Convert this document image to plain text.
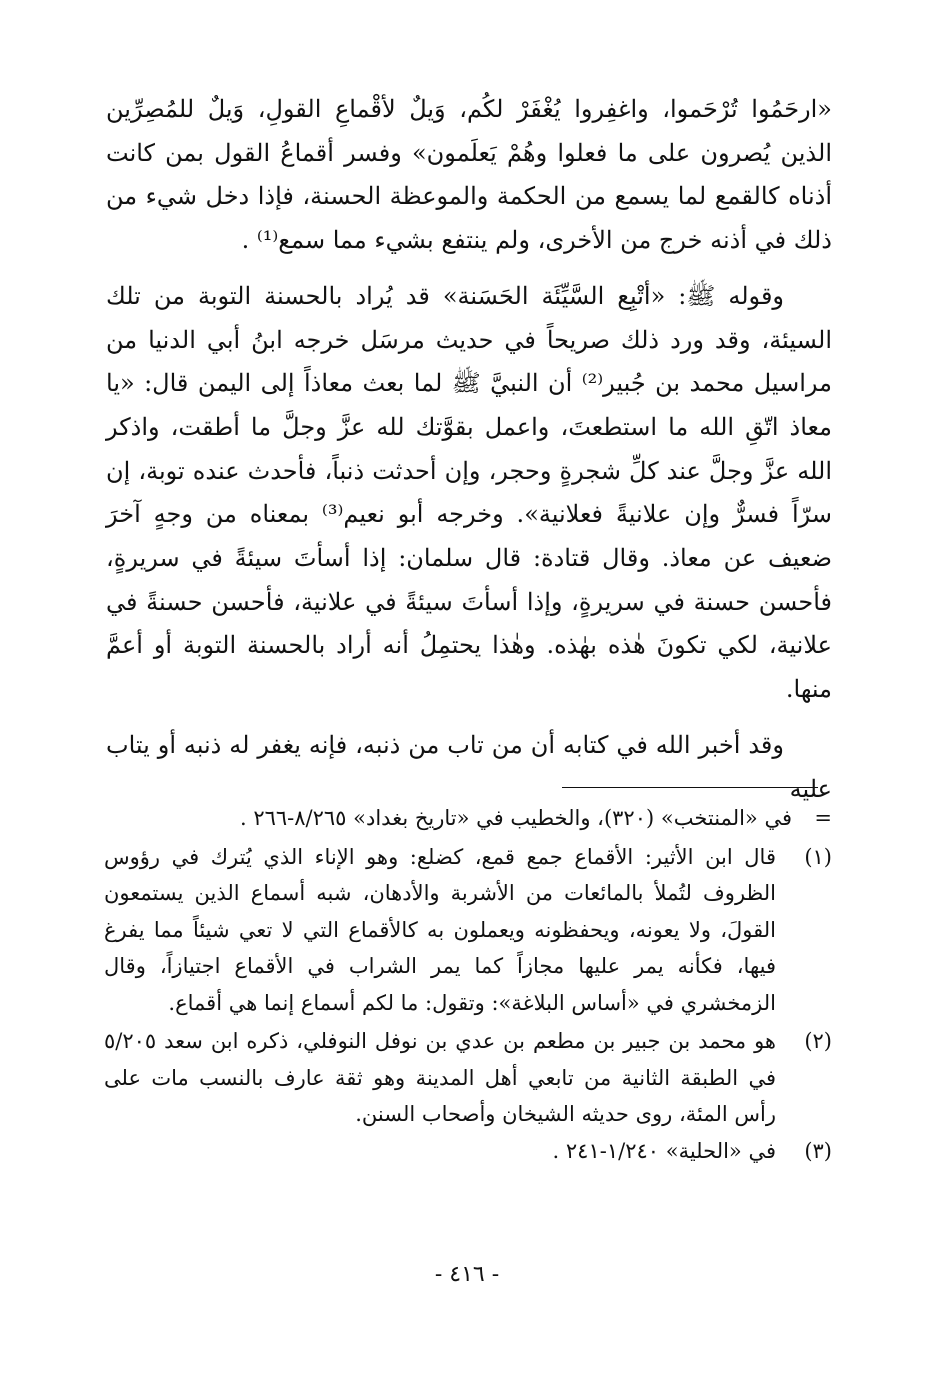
«ارحَمُوا تُرْحَموا، واغفِروا يُغْفَرْ لكُم، وَيلٌ لأقْماعِ القولِ، وَيلٌ للمُصِرِّين الذين يُصرون على ما فعلوا وهُمْ يَعلَمون» وفسر أقماعُ القول بمن كانت أذناه كالقمع لما يسمع من الحكمة والموعظة الحسنة، فإذا دخل شيء من ذلك في أذنه خرج من الأخرى، ولم ينتفع بشيء مما سمع⁽¹⁾ .

وقوله ﷺ: «أتْبِع السَّيِّئَة الحَسَنة» قد يُراد بالحسنة التوبة من تلك السيئة، وقد ورد ذلك صريحاً في حديث مرسَل خرجه ابنُ أبي الدنيا من مراسيل محمد بن جُبير⁽²⁾ أن النبيَّ ﷺ لما بعث معاذاً إلى اليمن قال: «يا معاذ اتّقِ الله ما استطعتَ، واعمل بقوَّتك لله عزَّ وجلَّ ما أطقت، واذكر الله عزَّ وجلَّ عند كلِّ شجرةٍ وحجر، وإن أحدثت ذنباً، فأحدث عنده توبة، إن سرّاً فسرٌّ وإن علانيةً فعلانية». وخرجه أبو نعيم⁽³⁾ بمعناه من وجهٍ آخرَ ضعيف عن معاذ. وقال قتادة: قال سلمان: إذا أسأتَ سيئةً في سريرةٍ، فأحسن حسنة في سريرةٍ، وإذا أسأتَ سيئةً في علانية، فأحسن حسنةً في علانية، لكي تكونَ هٰذه بهٰذه. وهٰذا يحتمِلُ أنه أراد بالحسنة التوبة أو أعمَّ منها.

وقد أخبر الله في كتابه أن من تاب من ذنبه، فإنه يغفر له ذنبه أو يتاب عليه

=
في «المنتخب» (٣٢٠)، والخطيب في «تاريخ بغداد» ٨/٢٦٥-٢٦٦ .
(١)
قال ابن الأثير: الأقماع جمع قمع، كضلع: وهو الإناء الذي يُترك في رؤوس الظروف لتُملأ بالمائعات من الأشربة والأدهان، شبه أسماع الذين يستمعون القولَ، ولا يعونه، ويحفظونه ويعملون به كالأقماع التي لا تعي شيئاً مما يفرغ فيها، فكأنه يمر عليها مجازاً كما يمر الشراب في الأقماع اجتيازاً، وقال الزمخشري في «أساس البلاغة»: وتقول: ما لكم أسماع إنما هي أقماع.
(٢)
هو محمد بن جبير بن مطعم بن عدي بن نوفل النوفلي، ذكره ابن سعد ٥/٢٠٥ في الطبقة الثانية من تابعي أهل المدينة وهو ثقة عارف بالنسب مات على رأس المئة، روى حديثه الشيخان وأصحاب السنن.
(٣)
في «الحلية» ١/٢٤٠-٢٤١ .
- ٤١٦ -
